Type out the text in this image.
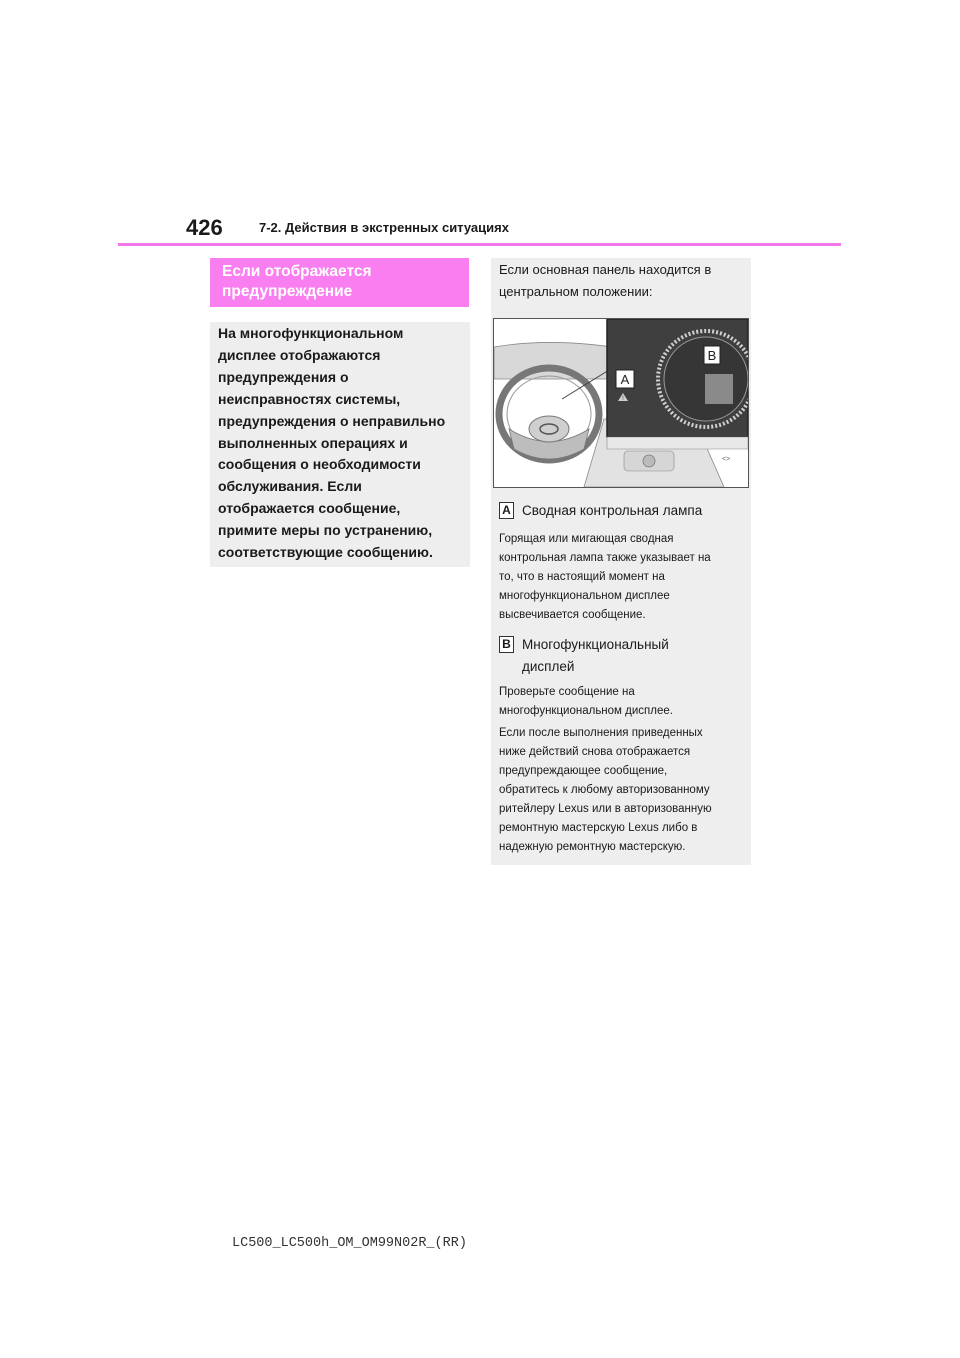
426	7-2. Действия в экстренных ситуациях
Если отображается
предупреждение
На многофункциональном
дисплее отображаются
предупреждения о
неисправностях системы,
предупреждения о неправильно
выполненных операциях и
сообщения о необходимости
обслуживания. Если
отображается сообщение,
примите меры по устранению,
соответствующие сообщению.
Если основная панель находится в
центральном положении:
<>
B
A
!
A Сводная контрольная лампа
Горящая или мигающая сводная
контрольная лампа также указывает на
то, что в настоящий момент на
многофункциональном дисплее
высвечивается сообщение.
B Многофункциональный
дисплей
Проверьте сообщение на
многофункциональном дисплее.
Если после выполнения приведенных
ниже действий снова отображается
предупреждающее сообщение,
обратитесь к любому авторизованному
ритейлеру Lexus или в авторизованную
ремонтную мастерскую Lexus либо в
надежную ремонтную мастерскую.
LC500_LC500h_OM_OM99N02R_(RR)
